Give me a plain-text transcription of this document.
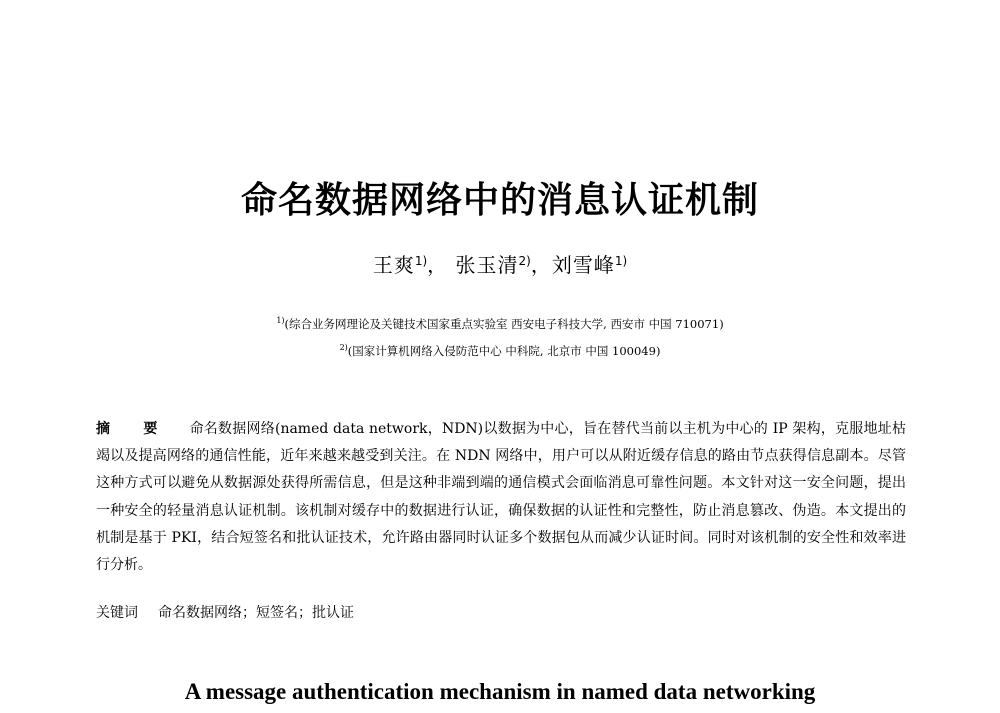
命名数据网络中的消息认证机制
王爽$^{1)}$， 张玉清$^{2)}$，刘雪峰$^{1)}$
$^{1)}$(综合业务网理论及关键技术国家重点实验室 西安电子科技大学, 西安市 中国 710071)
$^{2)}$(国家计算机网络入侵防范中心 中科院, 北京市 中国 100049)
摘 要 命名数据网络(named data network，NDN)以数据为中心，旨在替代当前以主机为中心的 IP 架构，克服地址枯竭以及提高网络的通信性能，近年来越来越受到关注。在 NDN 网络中，用户可以从附近缓存信息的路由节点获得信息副本。尽管这种方式可以避免从数据源处获得所需信息，但是这种非端到端的通信模式会面临消息可靠性问题。本文针对这一安全问题，提出一种安全的轻量消息认证机制。该机制对缓存中的数据进行认证，确保数据的认证性和完整性，防止消息篡改、伪造。本文提出的机制是基于 PKI，结合短签名和批认证技术，允许路由器同时认证多个数据包从而减少认证时间。同时对该机制的安全性和效率进行分析。
关键词 命名数据网络；短签名；批认证
A message authentication mechanism in named data networking
